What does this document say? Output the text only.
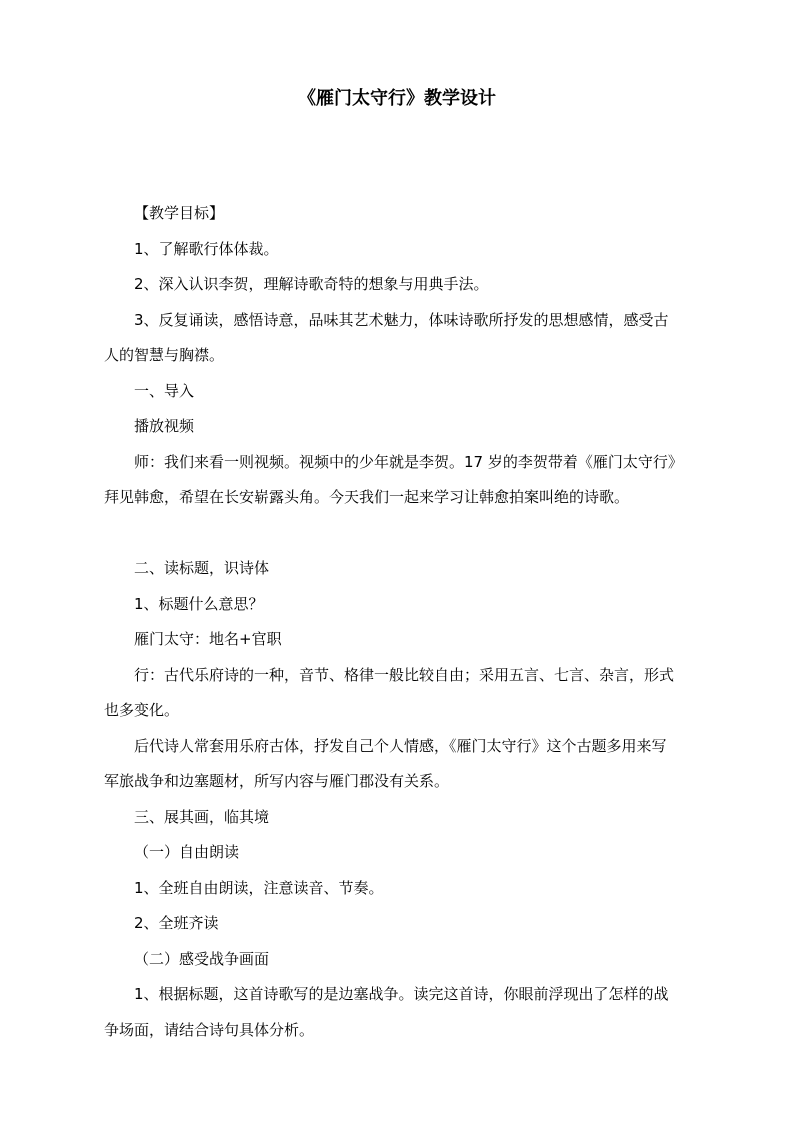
《雁门太守行》教学设计
【教学目标】
1、了解歌行体体裁。
2、深入认识李贺，理解诗歌奇特的想象与用典手法。
3、反复诵读，感悟诗意，品味其艺术魅力，体味诗歌所抒发的思想感情，感受古
人的智慧与胸襟。
一、导入
播放视频
师：我们来看一则视频。视频中的少年就是李贺。17 岁的李贺带着《雁门太守行》
拜见韩愈，希望在长安崭露头角。今天我们一起来学习让韩愈拍案叫绝的诗歌。
二、读标题，识诗体
1、标题什么意思？
雁门太守：地名+官职
行：古代乐府诗的一种，音节、格律一般比较自由；采用五言、七言、杂言，形式
也多变化。
后代诗人常套用乐府古体，抒发自己个人情感，《雁门太守行》这个古题多用来写
军旅战争和边塞题材，所写内容与雁门郡没有关系。
三、展其画，临其境
（一）自由朗读
1、全班自由朗读，注意读音、节奏。
2、全班齐读
（二）感受战争画面
1、根据标题，这首诗歌写的是边塞战争。读完这首诗，你眼前浮现出了怎样的战
争场面，请结合诗句具体分析。
